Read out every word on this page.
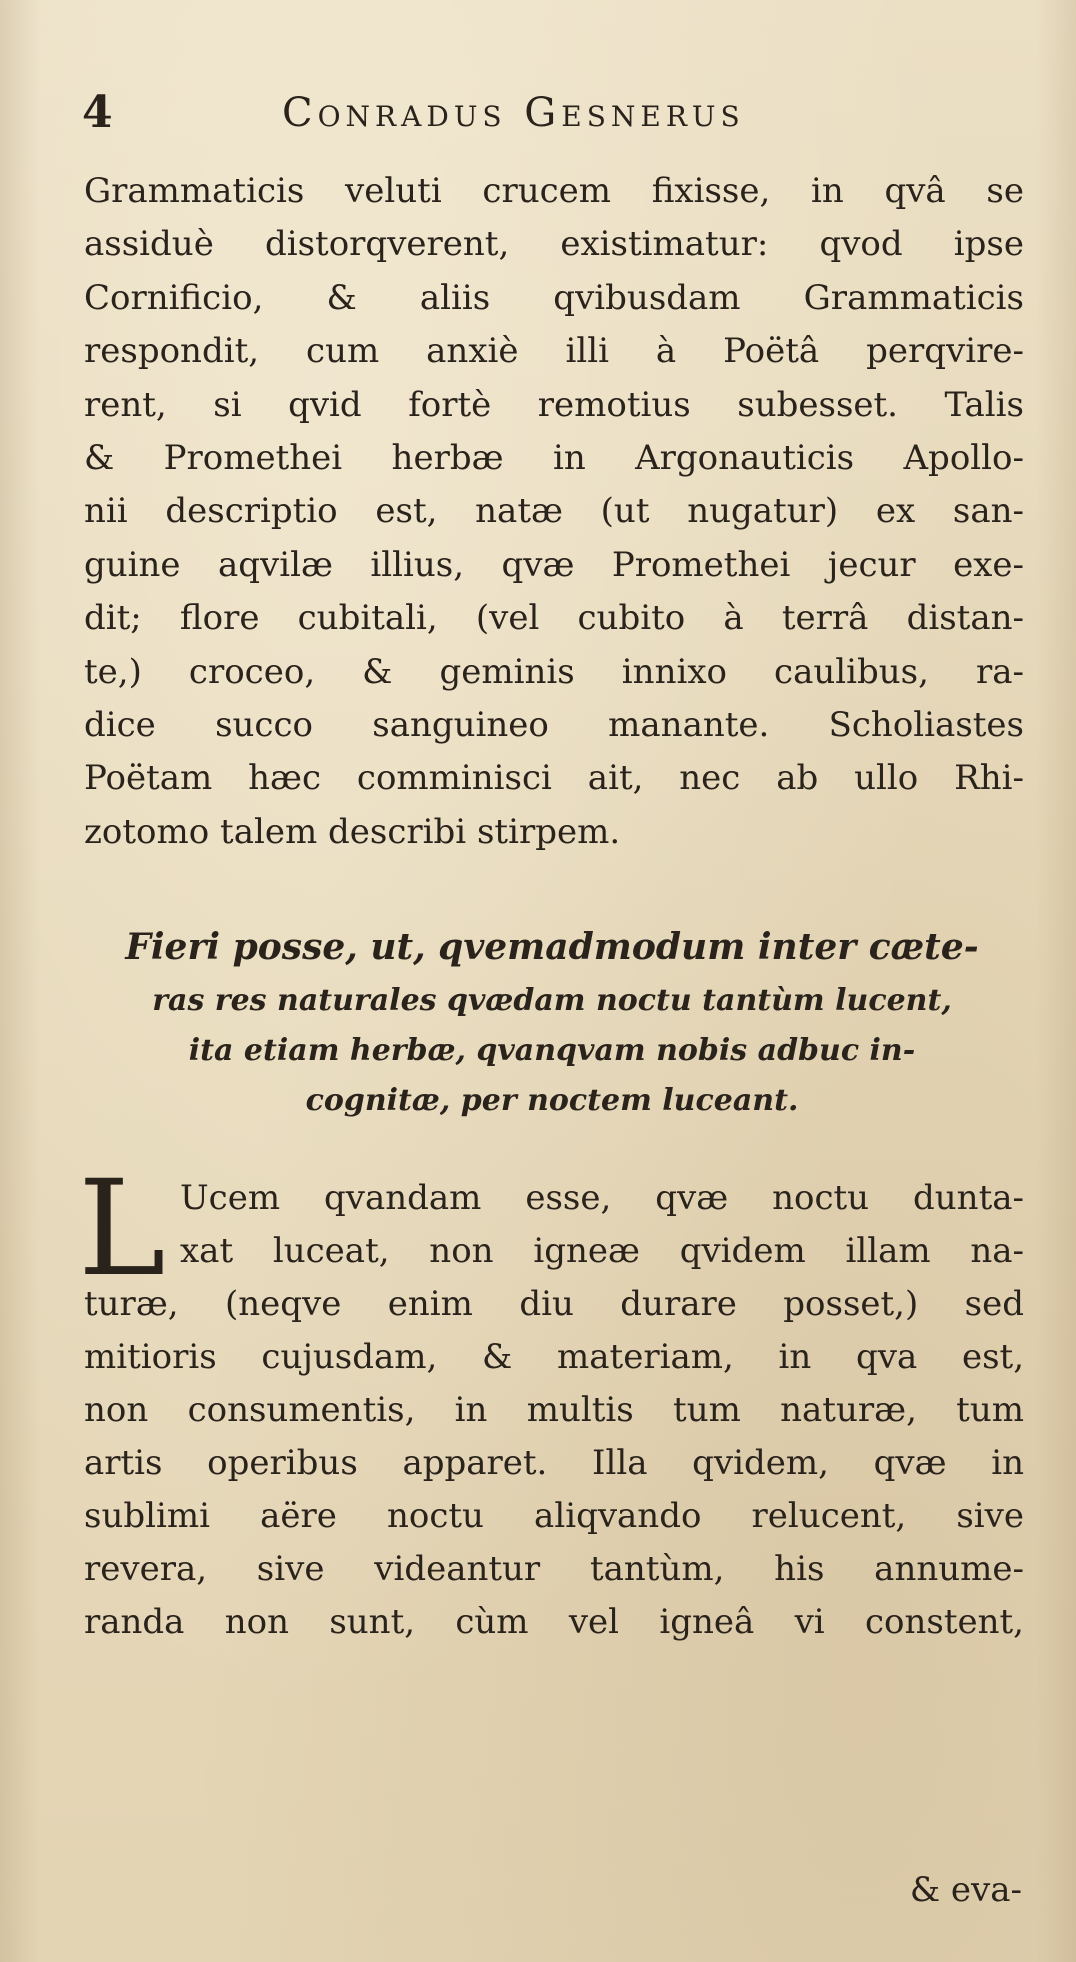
4	Conradus Gesnerus
Grammaticis veluti crucem fixisse, in qvâ se
assiduè distorqverent, existimatur: qvod ipse
Cornificio, & aliis qvibusdam Grammaticis
respondit, cum anxiè illi à Poëtâ perqvire-
rent, si qvid fortè remotius subesset. Talis
& Promethei herbæ in Argonauticis Apollo-
nii descriptio est, natæ (ut nugatur) ex san-
guine aqvilæ illius, qvæ Promethei jecur exe-
dit; flore cubitali, (vel cubito à terrâ distan-
te,) croceo, & geminis innixo caulibus, ra-
dice succo sanguineo manante. Scholiastes
Poëtam hæc comminisci ait, nec ab ullo Rhi-
zotomo talem describi stirpem.
Fieri posse, ut, qvemadmodum inter cæte-
ras res naturales qvædam noctu tantùm lucent,
ita etiam herbæ, qvanqvam nobis adbuc in-
cognitæ, per noctem luceant.
L Ucem qvandam esse, qvæ noctu dunta-
xat luceat, non igneæ qvidem illam na-
turæ, (neqve enim diu durare posset,) sed
mitioris cujusdam, & materiam, in qva est,
non consumentis, in multis tum naturæ, tum
artis operibus apparet. Illa qvidem, qvæ in
sublimi aëre noctu aliqvando relucent, sive
revera, sive videantur tantùm, his annume-
randa non sunt, cùm vel igneâ vi constent,
& eva-
